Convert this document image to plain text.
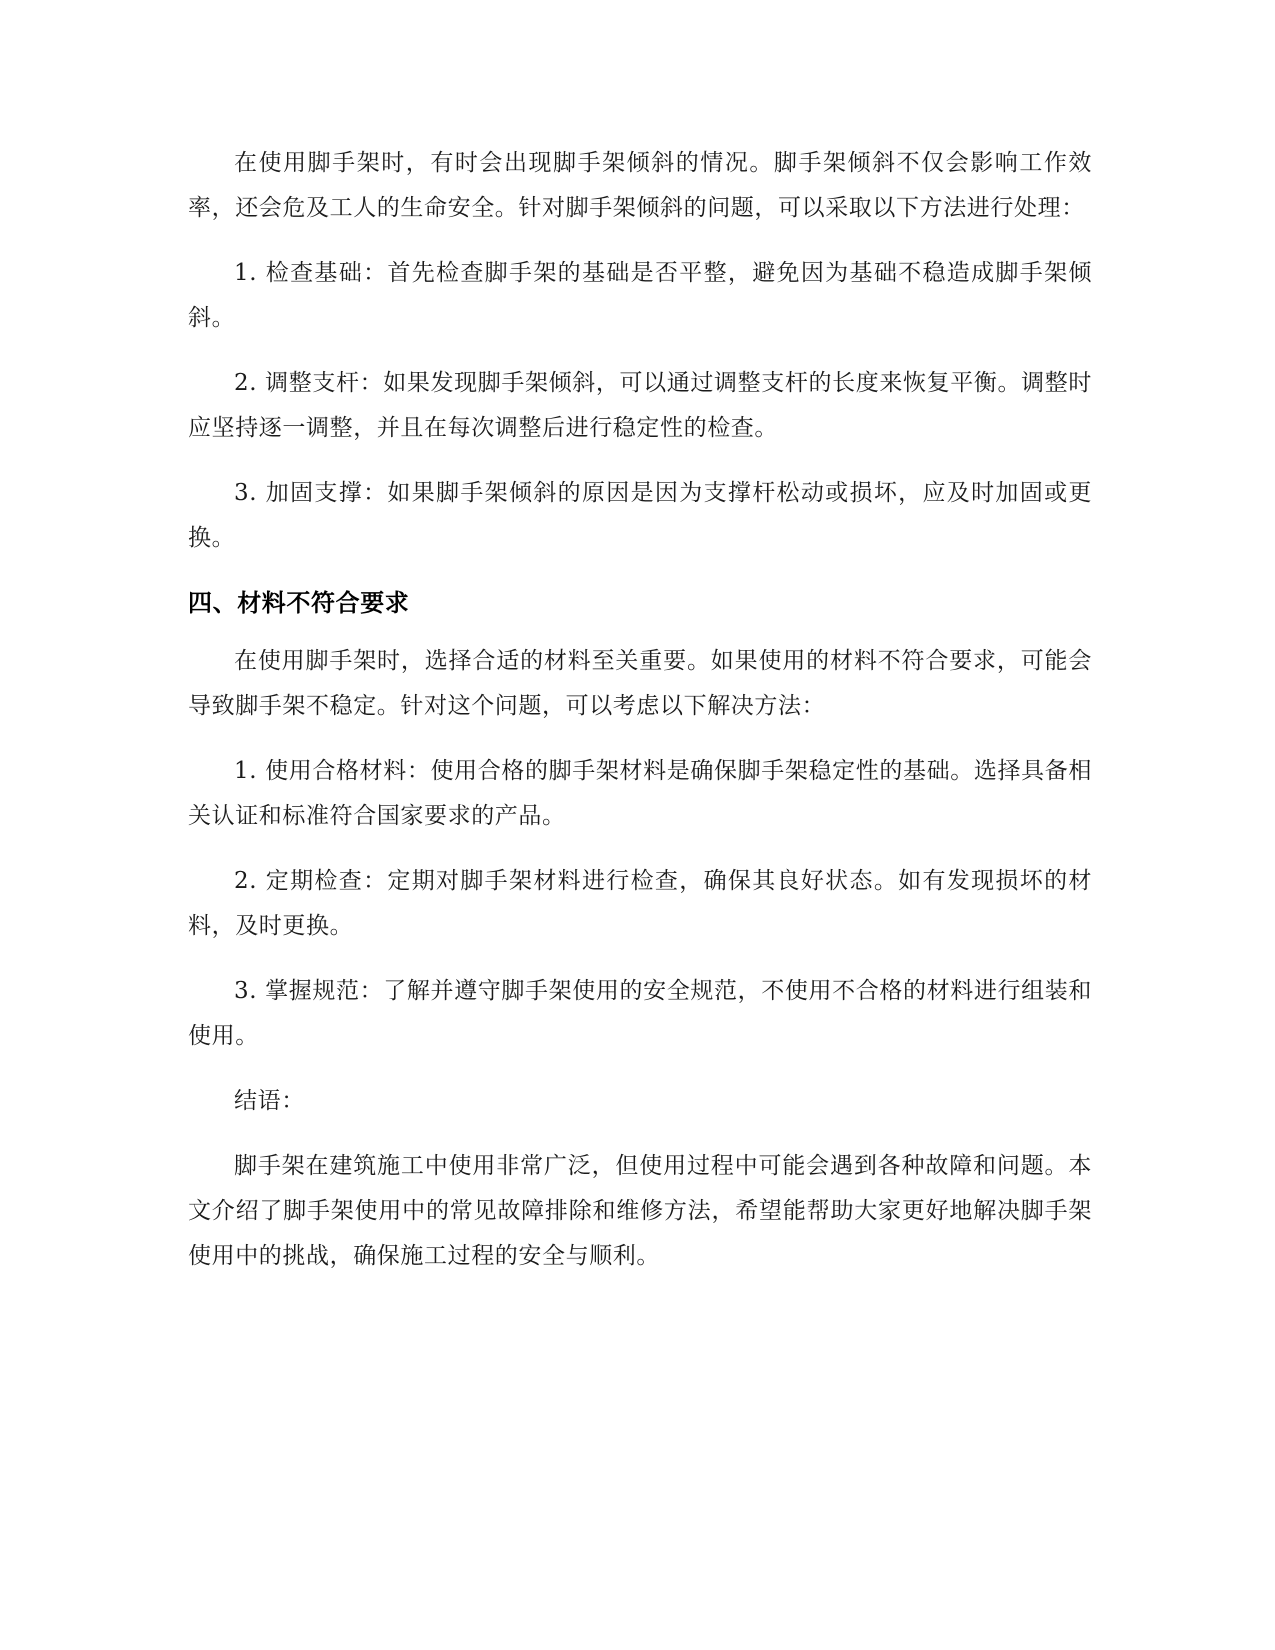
在使用脚手架时，有时会出现脚手架倾斜的情况。脚手架倾斜不仅会影响工作效率，还会危及工人的生命安全。针对脚手架倾斜的问题，可以采取以下方法进行处理：

1. 检查基础：首先检查脚手架的基础是否平整，避免因为基础不稳造成脚手架倾斜。

2. 调整支杆：如果发现脚手架倾斜，可以通过调整支杆的长度来恢复平衡。调整时应坚持逐一调整，并且在每次调整后进行稳定性的检查。

3. 加固支撑：如果脚手架倾斜的原因是因为支撑杆松动或损坏，应及时加固或更换。

四、材料不符合要求

在使用脚手架时，选择合适的材料至关重要。如果使用的材料不符合要求，可能会导致脚手架不稳定。针对这个问题，可以考虑以下解决方法：

1. 使用合格材料：使用合格的脚手架材料是确保脚手架稳定性的基础。选择具备相关认证和标准符合国家要求的产品。

2. 定期检查：定期对脚手架材料进行检查，确保其良好状态。如有发现损坏的材料，及时更换。

3. 掌握规范：了解并遵守脚手架使用的安全规范，不使用不合格的材料进行组装和使用。

结语：

脚手架在建筑施工中使用非常广泛，但使用过程中可能会遇到各种故障和问题。本文介绍了脚手架使用中的常见故障排除和维修方法，希望能帮助大家更好地解决脚手架使用中的挑战，确保施工过程的安全与顺利。
